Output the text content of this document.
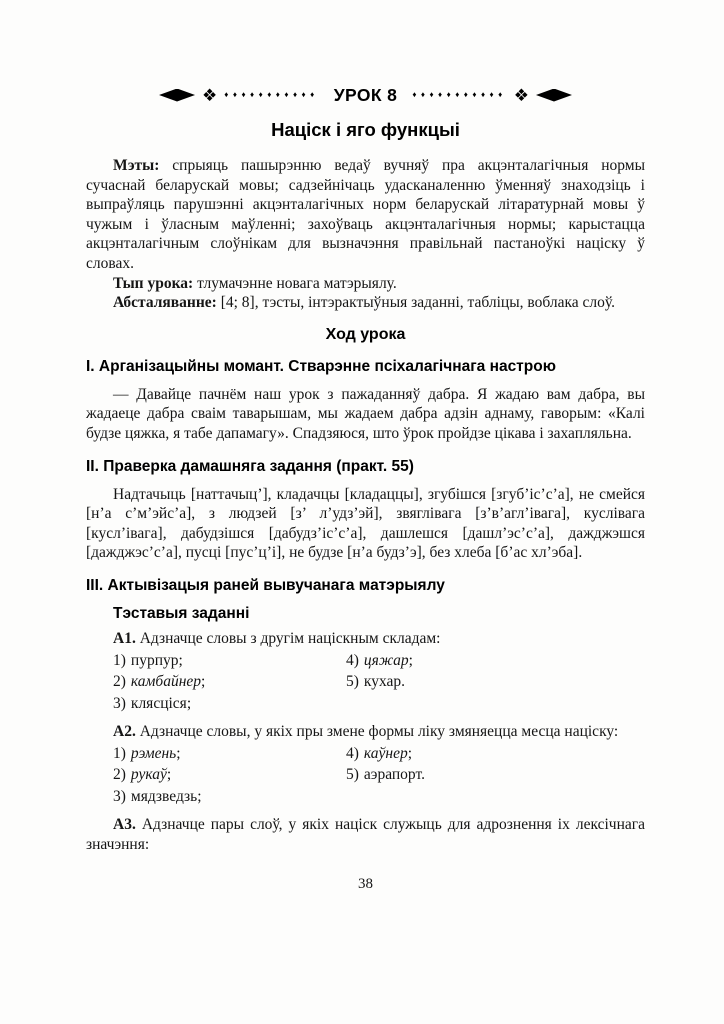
❖ ♦♦♦♦♦♦♦♦♦♦♦ УРОК 8 ♦♦♦♦♦♦♦♦♦♦♦ ❖
Націск і яго функцыі

Мэты: спрыяць пашырэнню ведаў вучняў пра акцэнталагічныя нормы сучаснай беларускай мовы; садзейнічаць удасканаленню ўменняў знаходзіць і выпраўляць парушэнні акцэнталагічных норм беларускай літаратурнай мовы ў чужым і ўласным маўленні; захоўваць акцэнталагічныя нормы; карыстацца акцэнталагічным слоўнікам для вызначэння правільнай пастаноўкі націску ў словах.

Тып урока: тлумачэнне новага матэрыялу.

Абсталяванне: [4; 8], тэсты, інтэрактыўныя заданні, табліцы, воблака слоў.

Ход урока
I. Арганізацыйны момант. Стварэнне псіхалагічнага настрою

— Давайце пачнём наш урок з пажаданняў дабра. Я жадаю вам дабра, вы жадаеце дабра сваім таварышам, мы жадаем дабра адзін аднаму, гаворым: «Калі будзе цяжка, я табе дапамагу». Спадзяюся, што ўрок пройдзе цікава і захапляльна.

II. Праверка дамашняга задання (практ. 55)

Надтачыць [наттачыц’], кладачцы [кладаццы], згубішся [згуб’іс’с’а], не смейся [н’а с’м’эйс’а], з людзей [з’ л’удз’эй], звяглівага [з’в’агл’івага], куслівага [кусл’івага], дабудзішся [дабудз’іс’с’а], дашлешся [дашл’эс’с’а], дажджэшся [дажджэс’с’а], пусці [пус’ц’і], не будзе [н’а будз’э], без хлеба [б’ас хл’эба].

III. Актывізацыя раней вывучанага матэрыялу
Тэставыя заданні

А1. Адзначце словы з другім націскным складам:

1) пурпур;
2) камбайнер;
3) клясціся;
4) цяжар;
5) кухар.

А2. Адзначце словы, у якіх пры змене формы ліку змяняецца месца націску:

1) рэмень;
2) рукаў;
3) мядзведзь;
4) каўнер;
5) аэрапорт.

А3. Адзначце пары слоў, у якіх націск служыць для адрознення іх лексічнага значэння:

38
